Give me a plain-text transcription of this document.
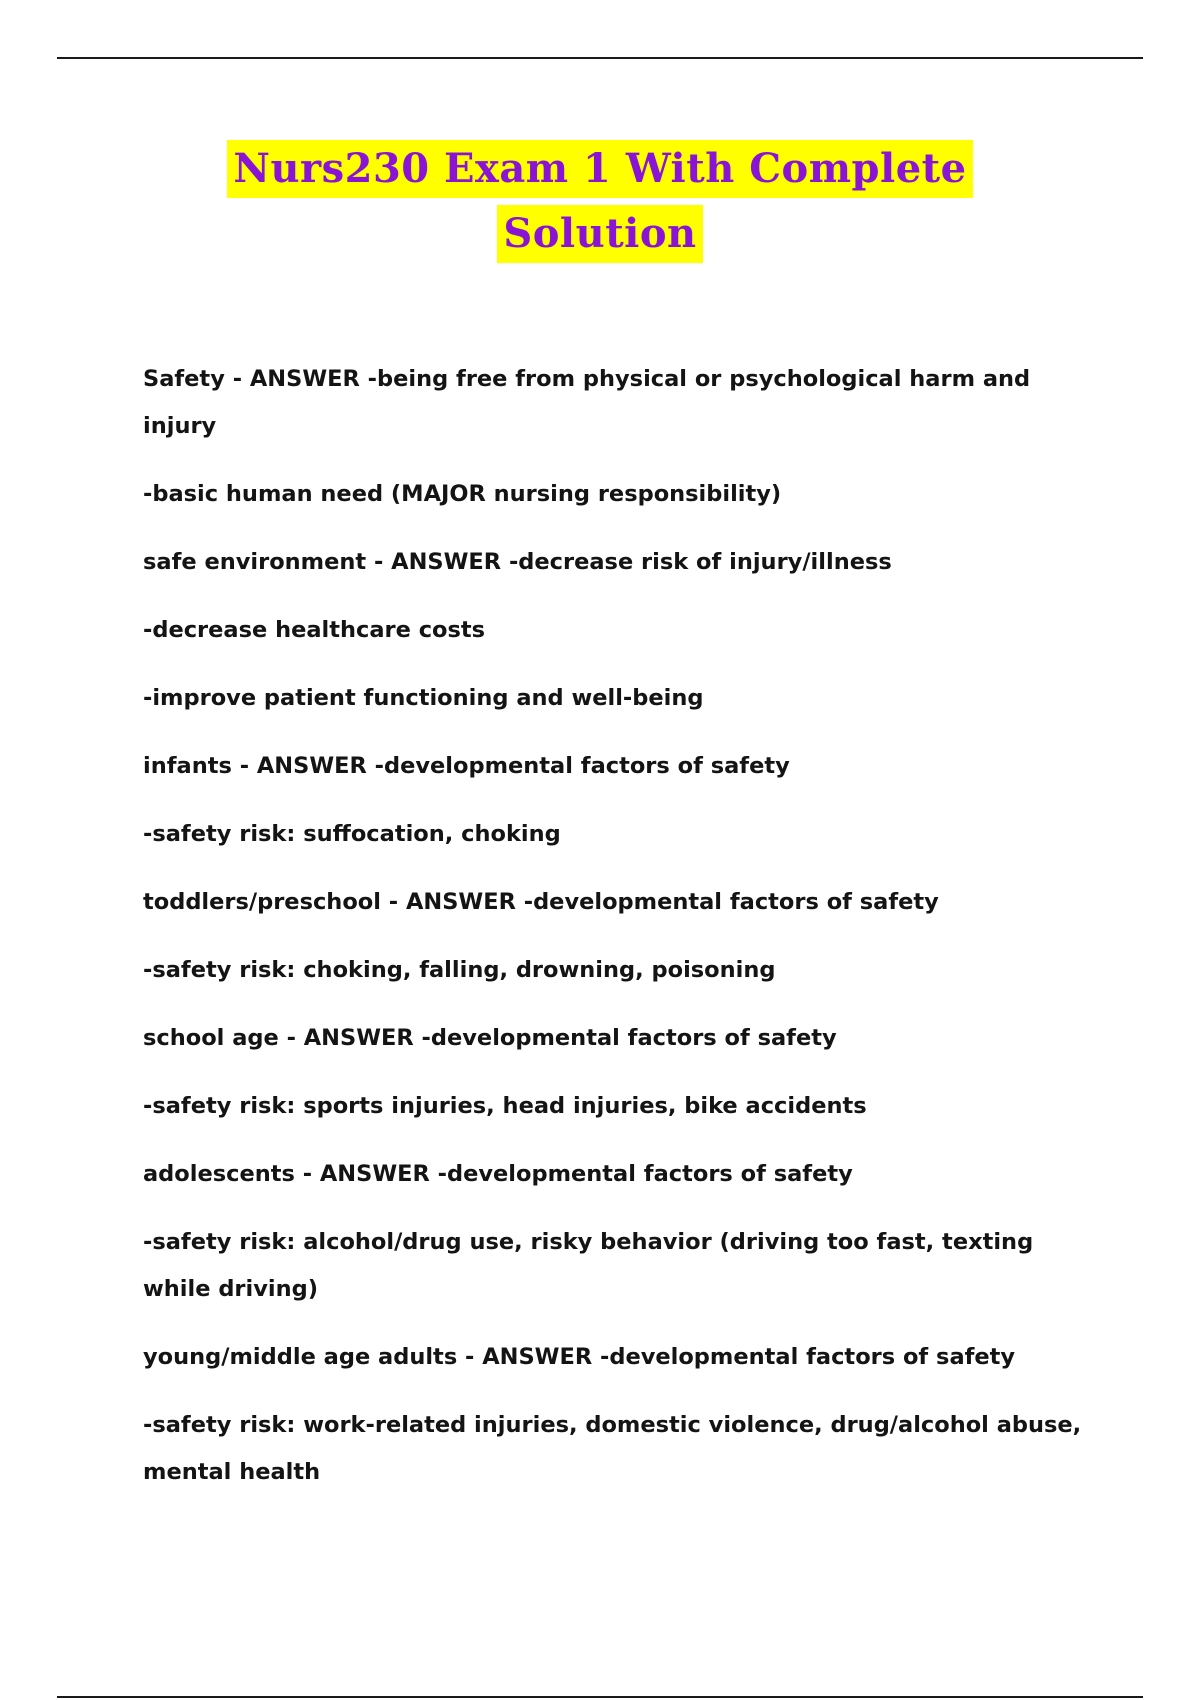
Nurs230 Exam 1 With Complete
Solution
Safety - ANSWER -being free from physical or psychological harm and injury
-basic human need (MAJOR nursing responsibility)
safe environment - ANSWER -decrease risk of injury/illness
-decrease healthcare costs
-improve patient functioning and well-being
infants - ANSWER -developmental factors of safety
-safety risk: suffocation, choking
toddlers/preschool - ANSWER -developmental factors of safety
-safety risk: choking, falling, drowning, poisoning
school age - ANSWER -developmental factors of safety
-safety risk: sports injuries, head injuries, bike accidents
adolescents - ANSWER -developmental factors of safety
-safety risk: alcohol/drug use, risky behavior (driving too fast, texting while driving)
young/middle age adults - ANSWER -developmental factors of safety
-safety risk: work-related injuries, domestic violence, drug/alcohol abuse, mental health
